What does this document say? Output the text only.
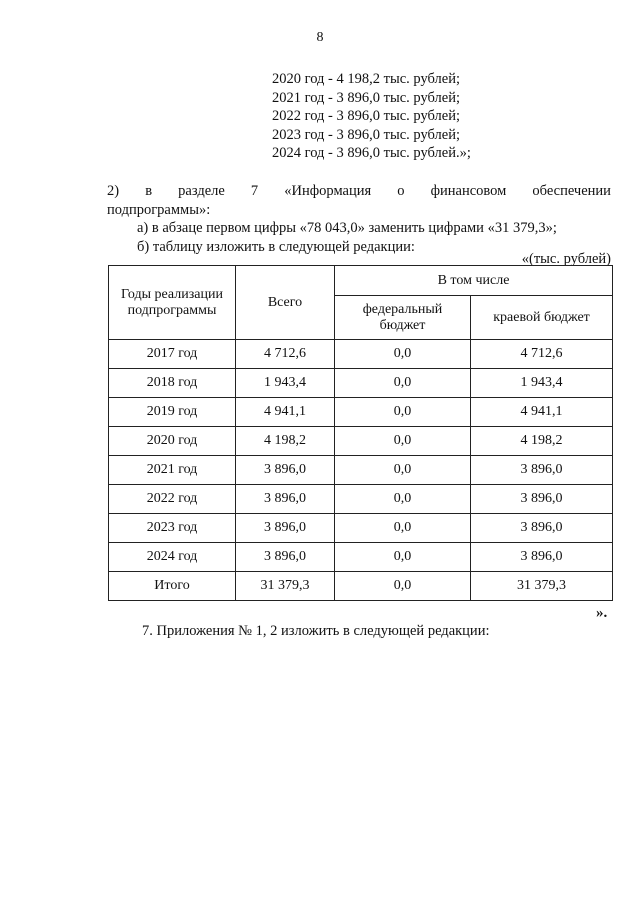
8
2020 год - 4 198,2 тыс. рублей;
2021 год - 3 896,0 тыс. рублей;
2022 год - 3 896,0 тыс. рублей;
2023 год - 3 896,0 тыс. рублей;
2024 год - 3 896,0 тыс. рублей.»;
2) в разделе 7 «Информация о финансовом обеспечении
подпрограммы»:
а) в абзаце первом цифры «78 043,0» заменить цифрами «31 379,3»;
б) таблицу изложить в следующей редакции:
«(тыс. рублей)
Годы реализации подпрограммы	Всего	В том числе	
		федеральный бюджет	краевой бюджет
2017 год	4 712,6	0,0	4 712,6
2018 год	1 943,4	0,0	1 943,4
2019 год	4 941,1	0,0	4 941,1
2020 год	4 198,2	0,0	4 198,2
2021 год	3 896,0	0,0	3 896,0
2022 год	3 896,0	0,0	3 896,0
2023 год	3 896,0	0,0	3 896,0
2024 год	3 896,0	0,0	3 896,0
Итого	31 379,3	0,0	31 379,3
».
7. Приложения № 1, 2 изложить в следующей редакции:
